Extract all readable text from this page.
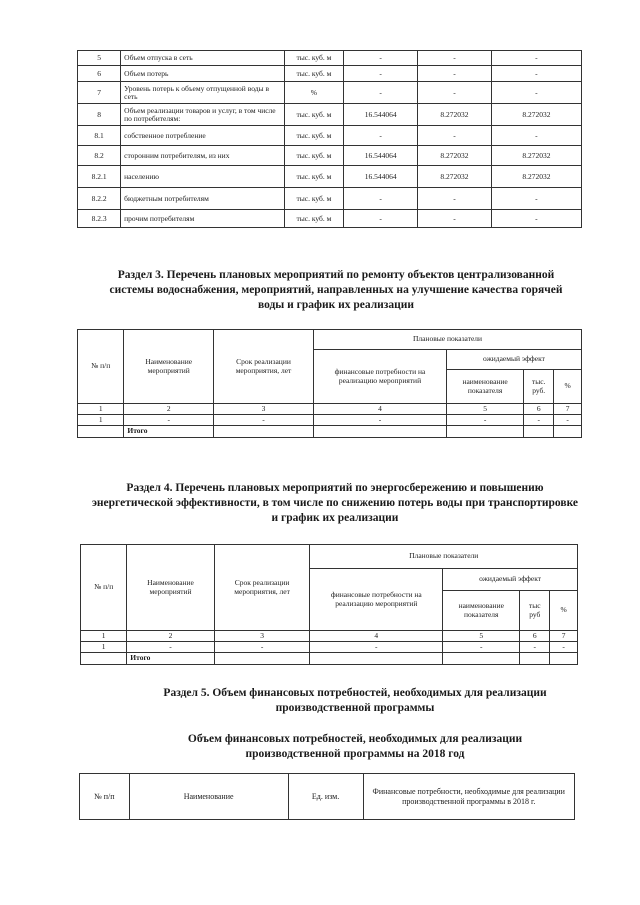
5	Объем отпуска в сеть	тыс. куб. м	-	-	-
6	Объем потерь	тыс. куб. м	-	-	-
7	Уровень потерь к объему отпущенной воды в сеть	%	-	-	-
8	Объем реализации товаров и услуг, в том числе по потребителям:	тыс. куб. м	16.544064	8.272032	8.272032
8.1	собственное потребление	тыс. куб. м	-	-	-
8.2	сторонним потребителям, из них	тыс. куб. м	16.544064	8.272032	8.272032
8.2.1	населению	тыс. куб. м	16.544064	8.272032	8.272032
8.2.2	бюджетным потребителям	тыс. куб. м	-	-	-
8.2.3	прочим потребителям	тыс. куб. м	-	-	-
Раздел 3. Перечень плановых мероприятий по ремонту объектов централизованной системы водоснабжения, мероприятий, направленных на улучшение качества горячей воды и график их реализации
№ п/п	Наименование мероприятий	Срок реализации мероприятия, лет	Плановые показатели			
			финансовые потребности на реализацию мероприятий	ожидаемый эффект		
				наименование показателя	тыс. руб.	%
1	2	3	4	5	6	7
1	-	-	-	-	-	-
	Итого					
Раздел 4. Перечень плановых мероприятий по энергосбережению и повышению энергетической эффективности, в том числе по снижению потерь воды при транспортировке и график их реализации
№ п/п	Наименование мероприятий	Срок реализации мероприятия, лет	Плановые показатели			
			финансовые потребности на реализацию мероприятий	ожидаемый эффект		
				наименование показателя	тыс руб	%
1	2	3	4	5	6	7
1	-	-	-	-	-	-
	Итого					
Раздел 5. Объем финансовых потребностей, необходимых для реализации производственной программы
Объем финансовых потребностей, необходимых для реализации производственной программы на 2018 год
№ п/п	Наименование	Ед. изм.	Финансовые потребности, необходимые для реализации производственной программы в 2018 г.
